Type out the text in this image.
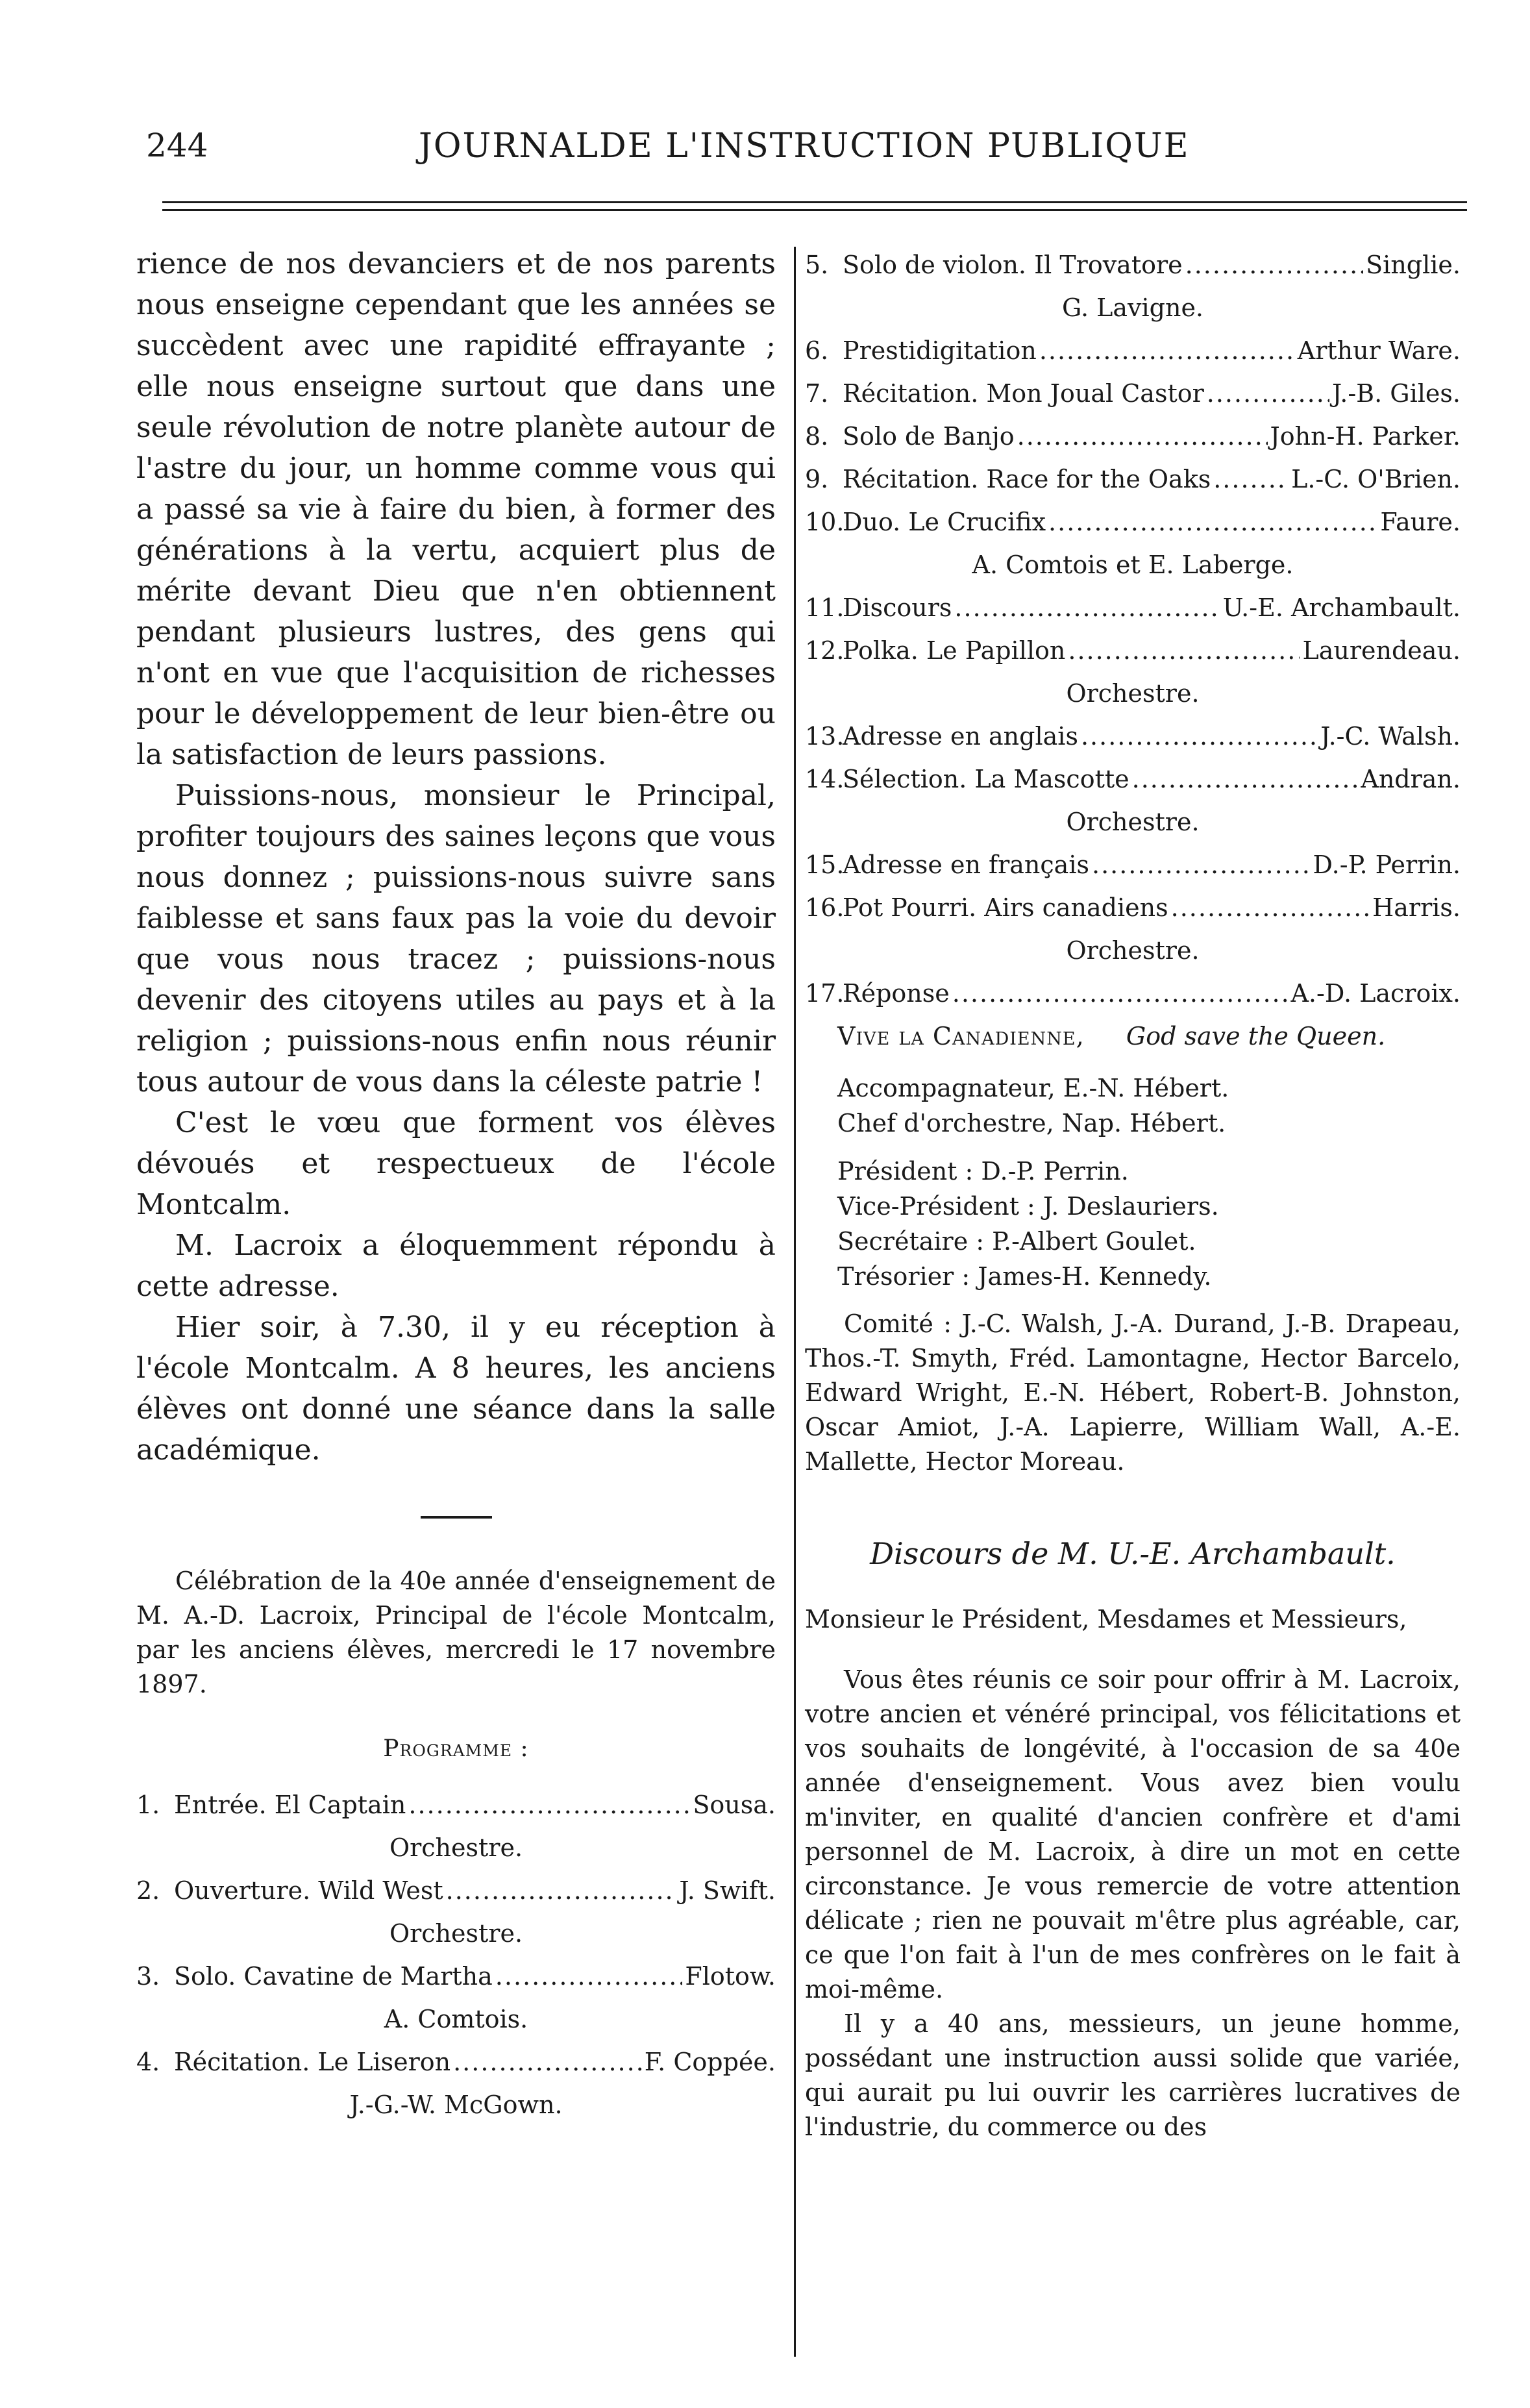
244	JOURNALDE L'INSTRUCTION PUBLIQUE

rience de nos devanciers et de nos parents nous enseigne cependant que les années se succèdent avec une rapidité effrayante ; elle nous enseigne surtout que dans une seule révolution de notre planète autour de l'astre du jour, un homme comme vous qui a passé sa vie à faire du bien, à former des générations à la vertu, acquiert plus de mérite devant Dieu que n'en obtiennent pendant plusieurs lustres, des gens qui n'ont en vue que l'acquisition de richesses pour le développement de leur bien-être ou la satisfaction de leurs passions.

Puissions-nous, monsieur le Principal, profiter toujours des saines leçons que vous nous donnez ; puissions-nous suivre sans faiblesse et sans faux pas la voie du devoir que vous nous tracez ; puissions-nous devenir des citoyens utiles au pays et à la religion ; puissions-nous enfin nous réunir tous autour de vous dans la céleste patrie !

C'est le vœu que forment vos élèves dévoués et respectueux de l'école Montcalm.

M. Lacroix a éloquemment répondu à cette adresse.

Hier soir, à 7.30, il y eu réception à l'école Montcalm. A 8 heures, les anciens élèves ont donné une séance dans la salle académique.

Célébration de la 40e année d'enseignement de M. A.-D. Lacroix, Principal de l'école Montcalm, par les anciens élèves, mercredi le 17 novembre 1897.

Programme :
1. Entrée. El Captain .....	Sousa.
Orchestre.
2. Ouverture. Wild West .....	J. Swift.
Orchestre.
3. Solo. Cavatine de Martha .....	Flotow.
A. Comtois.
4. Récitation. Le Liseron .....	F. Coppée.
J.-G.-W. McGown.
5. Solo de violon. Il Trovatore .....	Singlie.
G. Lavigne.
6. Prestidigitation .....	Arthur Ware.
7. Récitation. Mon Joual Castor .....	J.-B. Giles.
8. Solo de Banjo .....	John-H. Parker.
9. Récitation. Race for the Oaks .....	L.-C. O'Brien.
10.
Duo. Le Crucifix .....	Faure.
A. Comtois et E. Laberge.
11.
Discours .....	U.-E. Archambault.
12.
Polka. Le Papillon .....	Laurendeau.
Orchestre.
13.
Adresse en anglais .....	J.-C. Walsh.
14.
Sélection. La Mascotte .....	Andran.
Orchestre.
15.
Adresse en français .....	D.-P. Perrin.
16.
Pot Pourri. Airs canadiens .....	Harris.
Orchestre.
17.
Réponse .....	A.-D. Lacroix.
Vive la Canadienne, God save the Queen.

Accompagnateur, E.-N. Hébert.

Chef d'orchestre, Nap. Hébert.

Président : D.-P. Perrin.

Vice-Président : J. Deslauriers.

Secrétaire : P.-Albert Goulet.

Trésorier : James-H. Kennedy.

Comité : J.-C. Walsh, J.-A. Durand, J.-B. Drapeau, Thos.-T. Smyth, Fréd. Lamontagne, Hector Barcelo, Edward Wright, E.-N. Hébert, Robert-B. Johnston, Oscar Amiot, J.-A. Lapierre, William Wall, A.-E. Mallette, Hector Moreau.

Discours de M. U.-E. Archambault.

Monsieur le Président, Mesdames et Messieurs,

Vous êtes réunis ce soir pour offrir à M. Lacroix, votre ancien et vénéré principal, vos félicitations et vos souhaits de longévité, à l'occasion de sa 40e année d'enseignement. Vous avez bien voulu m'inviter, en qualité d'ancien confrère et d'ami personnel de M. Lacroix, à dire un mot en cette circonstance. Je vous remercie de votre attention délicate ; rien ne pouvait m'être plus agréable, car, ce que l'on fait à l'un de mes confrères on le fait à moi-même.

Il y a 40 ans, messieurs, un jeune homme, possédant une instruction aussi solide que variée, qui aurait pu lui ouvrir les carrières lucratives de l'industrie, du commerce ou des
